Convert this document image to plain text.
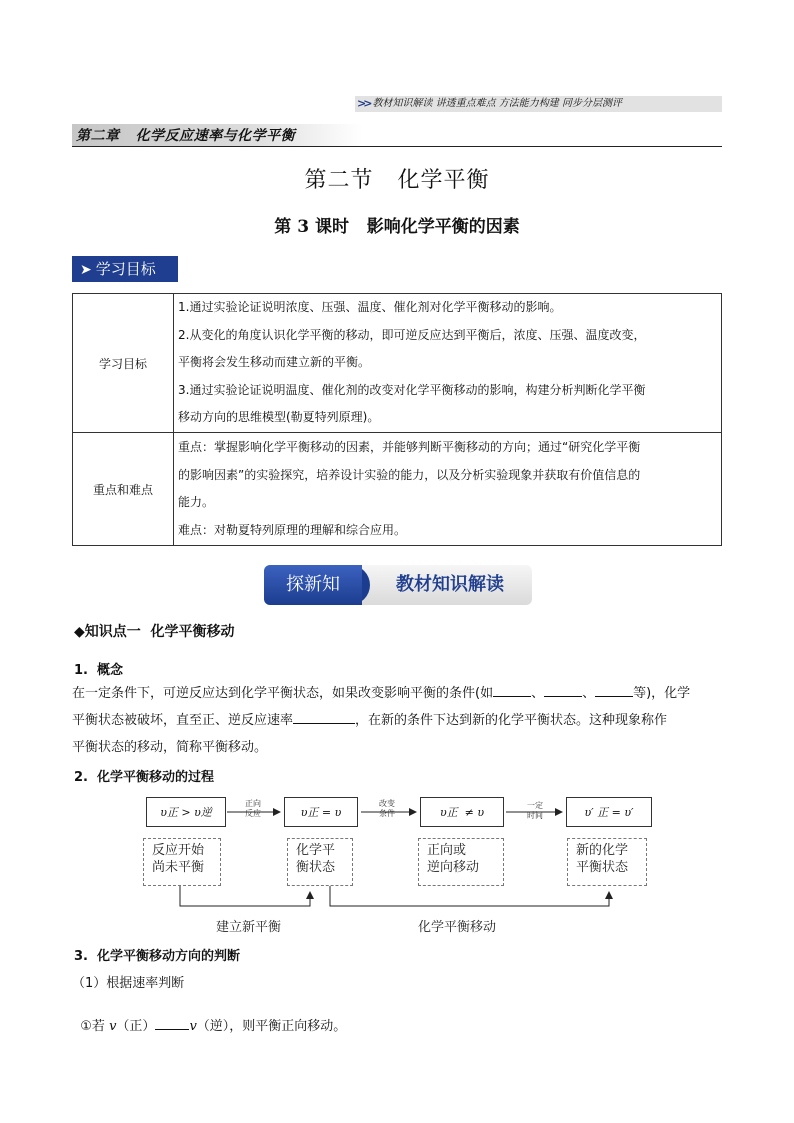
>> 教材知识解读 讲透重点难点 方法能力构建 同步分层测评
第二章   化学反应速率与化学平衡
第二节   化学平衡
第 3 课时   影响化学平衡的因素
➤ 学习目标
学习目标	1.通过实验论证说明浓度、压强、温度、催化剂对化学平衡移动的影响。
2.从变化的角度认识化学平衡的移动，即可逆反应达到平衡后，浓度、压强、温度改变，
平衡将会发生移动而建立新的平衡。
3.通过实验论证说明温度、催化剂的改变对化学平衡移动的影响，构建分析判断化学平衡
移动方向的思维模型(勒夏特列原理)。

重点和难点	重点：掌握影响化学平衡移动的因素，并能够判断平衡移动的方向；通过“研究化学平衡
的影响因素”的实验探究，培养设计实验的能力，以及分析实验现象并获取有价值信息的
能力。
难点：对勒夏特列原理的理解和综合应用。
教材知识解读
探新知
◆知识点一  化学平衡移动
1.  概念
在一定条件下，可逆反应达到化学平衡状态，如果改变影响平衡的条件(如	、	、	等)，化学
平衡状态被破坏，直至正、逆反应速率	，在新的条件下达到新的化学平衡状态。这种现象称作
平衡状态的移动，简称平衡移动。
2.  化学平衡移动的过程
υ正 > υ逆	υ正 = υ	υ正  ≠ υ	υ′ 正 = υ′
正向
反应
改变
条件
一定
时间
反应开始
尚未平衡
化学平
衡状态
正向或
逆向移动
新的化学
平衡状态
建立新平衡	化学平衡移动
3.  化学平衡移动方向的判断
（1）根据速率判断

①若 v（正）	v（逆），则平衡正向移动。
